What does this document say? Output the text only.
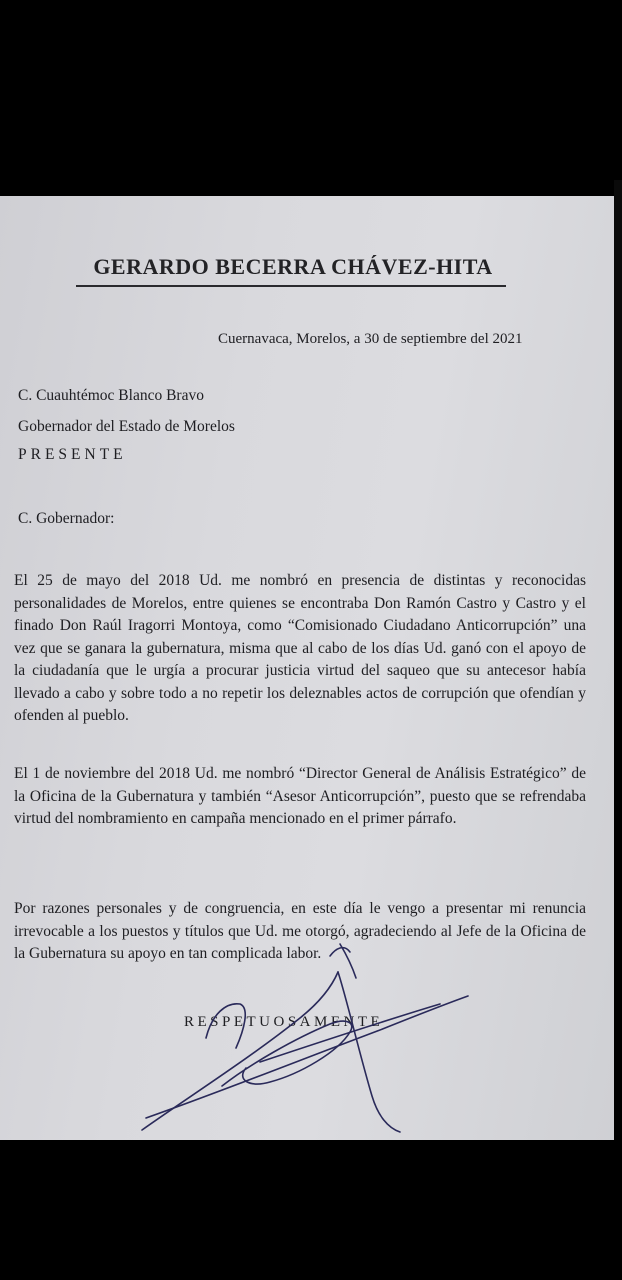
GERARDO BECERRA CHÁVEZ-HITA

Cuernavaca, Morelos, a 30 de septiembre del 2021

C. Cuauhtémoc Blanco Bravo

Gobernador del Estado de Morelos

PRESENTE

C. Gobernador:

El 25 de mayo del 2018 Ud. me nombró en presencia de distintas y reconocidas personalidades de Morelos, entre quienes se encontraba Don Ramón Castro y Castro y el finado Don Raúl Iragorri Montoya, como “Comisionado Ciudadano Anticorrupción” una vez que se ganara la gubernatura, misma que al cabo de los días Ud. ganó con el apoyo de la ciudadanía que le urgía a procurar justicia virtud del saqueo que su antecesor había llevado a cabo y sobre todo a no repetir los deleznables actos de corrupción que ofendían y ofenden al pueblo.

El 1 de noviembre del 2018 Ud. me nombró “Director General de Análisis Estratégico” de la Oficina de la Gubernatura y también “Asesor Anticorrupción”, puesto que se refrendaba virtud del nombramiento en campaña mencionado en el primer párrafo.

Por razones personales y de congruencia, en este día le vengo a presentar mi renuncia irrevocable a los puestos y títulos que Ud. me otorgó, agradeciendo al Jefe de la Oficina de la Gubernatura su apoyo en tan complicada labor.

RESPETUOSAMENTE
